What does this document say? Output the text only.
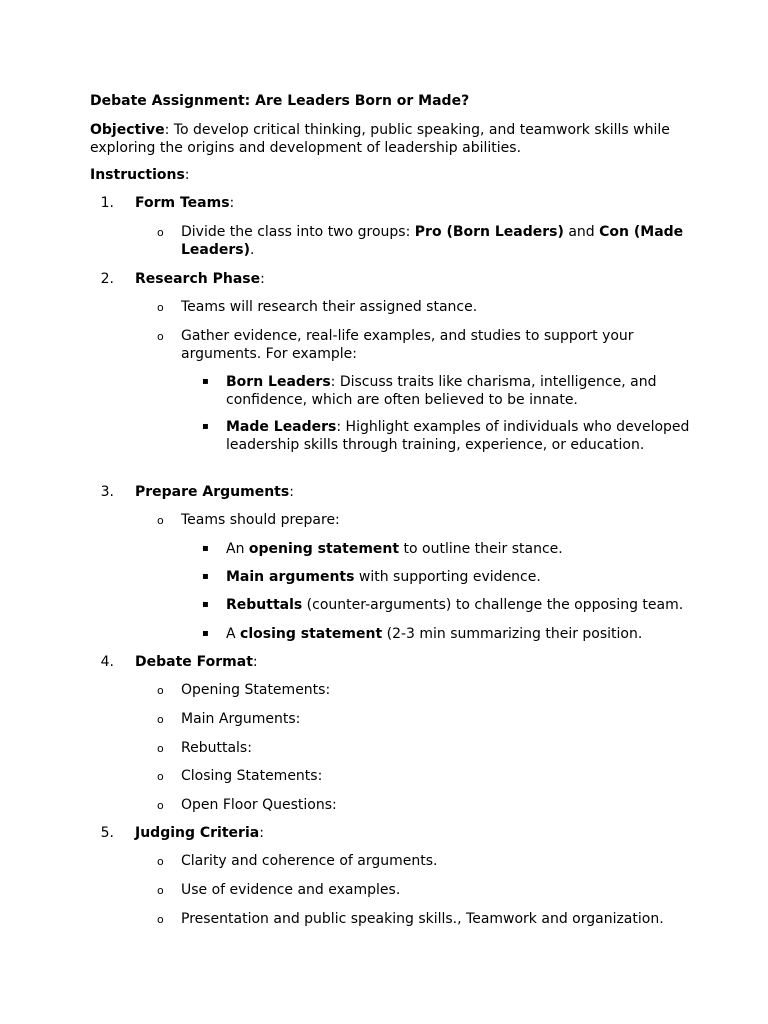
Debate Assignment: Are Leaders Born or Made?
Objective: To develop critical thinking, public speaking, and teamwork skills while exploring the origins and development of leadership abilities.
Instructions:
1. Form Teams:
o Divide the class into two groups: Pro (Born Leaders) and Con (Made Leaders).
2. Research Phase:
o Teams will research their assigned stance.
o Gather evidence, real-life examples, and studies to support your arguments. For example:
▪ Born Leaders: Discuss traits like charisma, intelligence, and confidence, which are often believed to be innate.
▪ Made Leaders: Highlight examples of individuals who developed leadership skills through training, experience, or education.
3. Prepare Arguments:
o Teams should prepare:
▪ An opening statement to outline their stance.
▪ Main arguments with supporting evidence.
▪ Rebuttals (counter-arguments) to challenge the opposing team.
▪ A closing statement (2-3 min summarizing their position.
4. Debate Format:
o Opening Statements:
o Main Arguments:
o Rebuttals:
o Closing Statements:
o Open Floor Questions:
5. Judging Criteria:
o Clarity and coherence of arguments.
o Use of evidence and examples.
o Presentation and public speaking skills., Teamwork and organization.
